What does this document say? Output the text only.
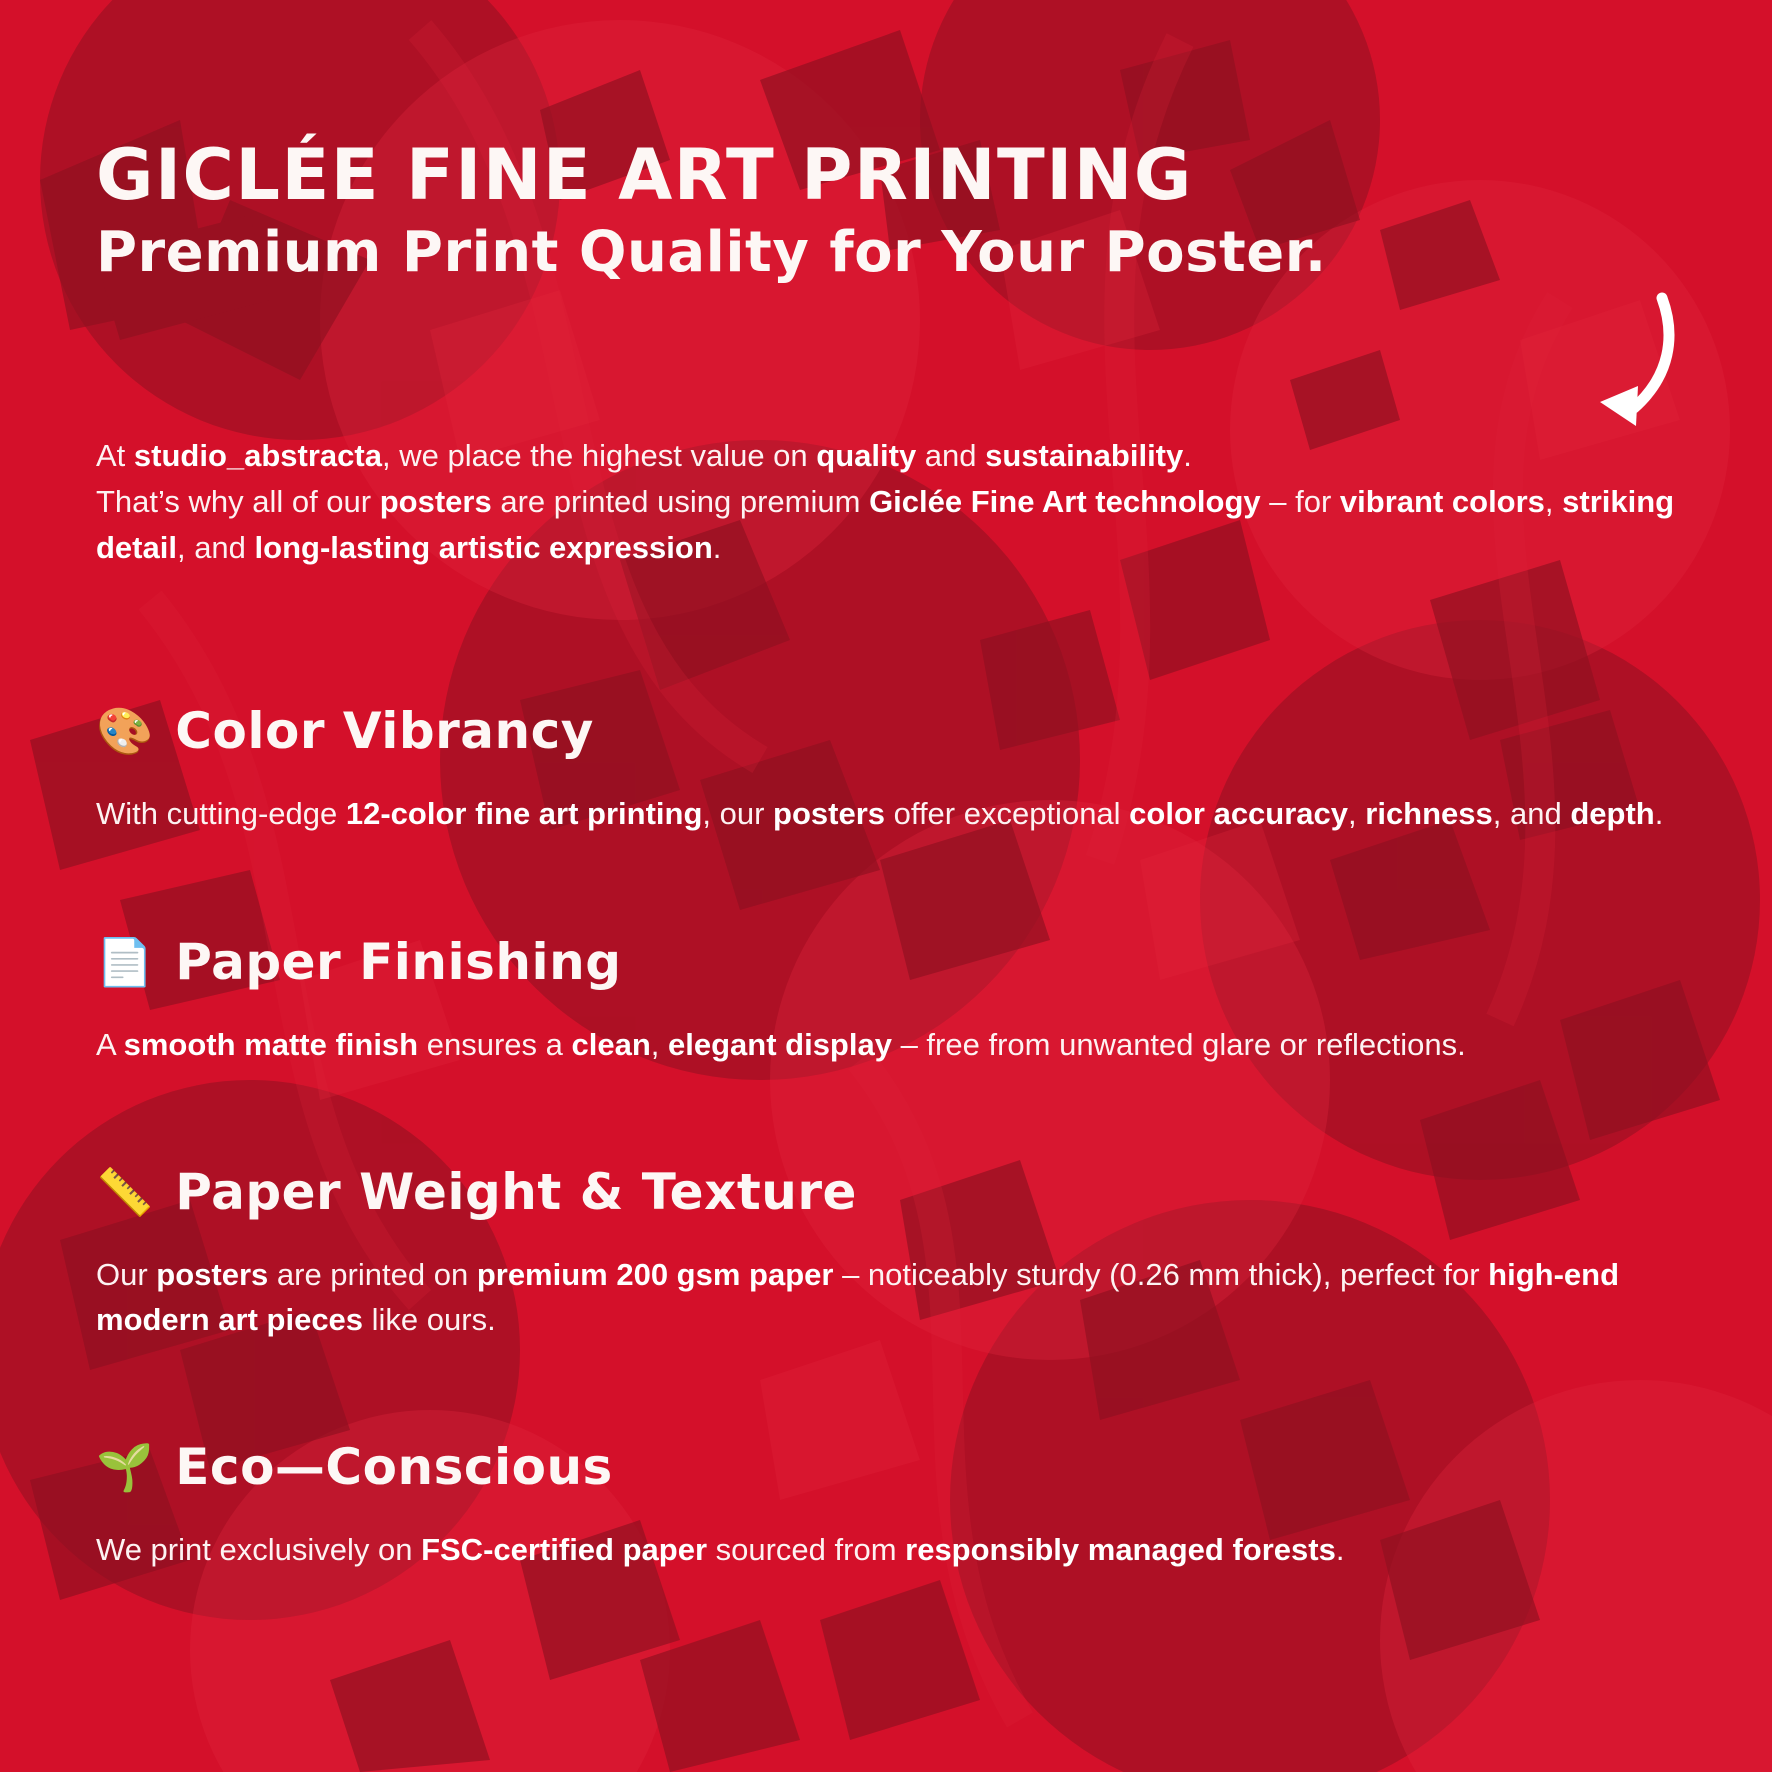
GICLÉE FINE ART PRINTING
Premium Print Quality for Your Poster.

At studio_abstracta, we place the highest value on quality and sustainability.
That’s why all of our posters are printed using premium Giclée Fine Art technology – for vibrant colors, striking detail, and long-lasting artistic expression.

🎨 Color Vibrancy

With cutting-edge 12-color fine art printing, our posters offer exceptional color accuracy, richness, and depth.

📄 Paper Finishing

A smooth matte finish ensures a clean, elegant display – free from unwanted glare or reflections.

📏 Paper Weight & Texture

Our posters are printed on premium 200 gsm paper – noticeably sturdy (0.26 mm thick), perfect for high-end modern art pieces like ours.

🌱 Eco—Conscious

We print exclusively on FSC-certified paper sourced from responsibly managed forests.
